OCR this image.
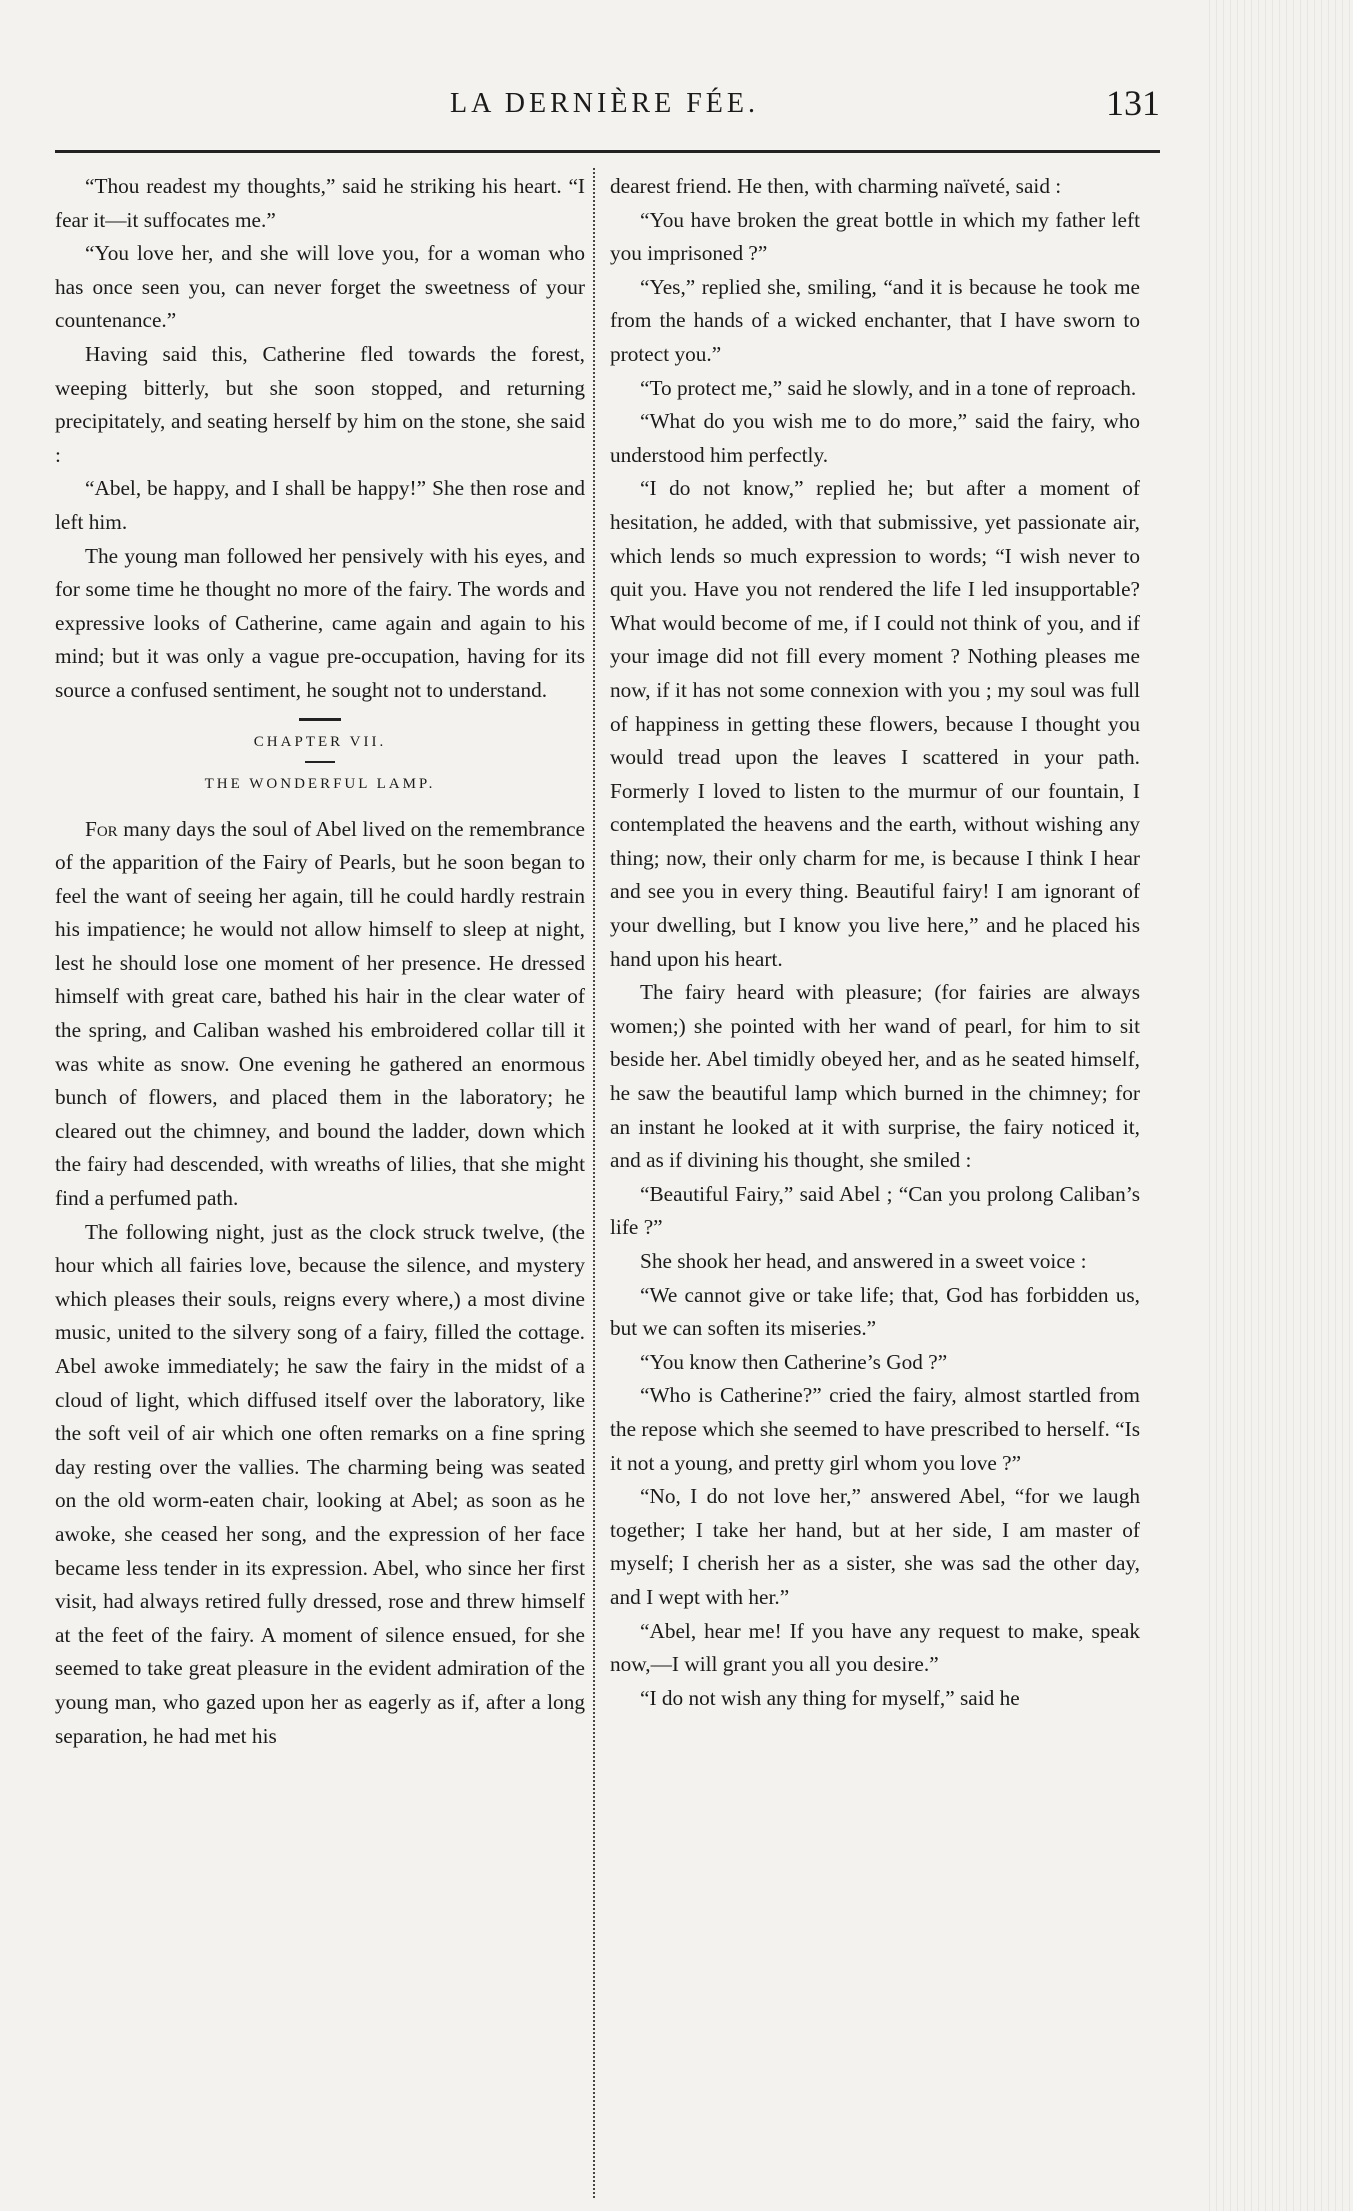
LA DERNIÈRE FÉE.	131

“Thou readest my thoughts,” said he striking his heart. “I fear it—it suffocates me.”

“You love her, and she will love you, for a woman who has once seen you, can never forget the sweetness of your countenance.”

Having said this, Catherine fled towards the forest, weeping bitterly, but she soon stopped, and returning precipitately, and seating herself by him on the stone, she said :

“Abel, be happy, and I shall be happy!” She then rose and left him.

The young man followed her pensively with his eyes, and for some time he thought no more of the fairy. The words and expressive looks of Catherine, came again and again to his mind; but it was only a vague pre-occupation, having for its source a confused sentiment, he sought not to understand.

CHAPTER VII.
THE WONDERFUL LAMP.

For many days the soul of Abel lived on the remembrance of the apparition of the Fairy of Pearls, but he soon began to feel the want of seeing her again, till he could hardly restrain his impatience; he would not allow himself to sleep at night, lest he should lose one moment of her presence. He dressed himself with great care, bathed his hair in the clear water of the spring, and Caliban washed his embroidered collar till it was white as snow. One evening he gathered an enormous bunch of flowers, and placed them in the laboratory; he cleared out the chimney, and bound the ladder, down which the fairy had descended, with wreaths of lilies, that she might find a perfumed path.

The following night, just as the clock struck twelve, (the hour which all fairies love, because the silence, and mystery which pleases their souls, reigns every where,) a most divine music, united to the silvery song of a fairy, filled the cottage. Abel awoke immediately; he saw the fairy in the midst of a cloud of light, which diffused itself over the laboratory, like the soft veil of air which one often remarks on a fine spring day resting over the vallies. The charming being was seated on the old worm-eaten chair, looking at Abel; as soon as he awoke, she ceased her song, and the expression of her face became less tender in its expression. Abel, who since her first visit, had always retired fully dressed, rose and threw himself at the feet of the fairy. A moment of silence ensued, for she seemed to take great pleasure in the evident admiration of the young man, who gazed upon her as eagerly as if, after a long separation, he had met his

dearest friend. He then, with charming naïveté, said :

“You have broken the great bottle in which my father left you imprisoned ?”

“Yes,” replied she, smiling, “and it is because he took me from the hands of a wicked enchanter, that I have sworn to protect you.”

“To protect me,” said he slowly, and in a tone of reproach.

“What do you wish me to do more,” said the fairy, who understood him perfectly.

“I do not know,” replied he; but after a moment of hesitation, he added, with that submissive, yet passionate air, which lends so much expression to words; “I wish never to quit you. Have you not rendered the life I led insupportable? What would become of me, if I could not think of you, and if your image did not fill every moment ? Nothing pleases me now, if it has not some connexion with you ; my soul was full of happiness in getting these flowers, because I thought you would tread upon the leaves I scattered in your path. Formerly I loved to listen to the murmur of our fountain, I contemplated the heavens and the earth, without wishing any thing; now, their only charm for me, is because I think I hear and see you in every thing. Beautiful fairy! I am ignorant of your dwelling, but I know you live here,” and he placed his hand upon his heart.

The fairy heard with pleasure; (for fairies are always women;) she pointed with her wand of pearl, for him to sit beside her. Abel timidly obeyed her, and as he seated himself, he saw the beautiful lamp which burned in the chimney; for an instant he looked at it with surprise, the fairy noticed it, and as if divining his thought, she smiled :

“Beautiful Fairy,” said Abel ; “Can you prolong Caliban’s life ?”

She shook her head, and answered in a sweet voice :

“We cannot give or take life; that, God has forbidden us, but we can soften its miseries.”

“You know then Catherine’s God ?”

“Who is Catherine?” cried the fairy, almost startled from the repose which she seemed to have prescribed to herself. “Is it not a young, and pretty girl whom you love ?”

“No, I do not love her,” answered Abel, “for we laugh together; I take her hand, but at her side, I am master of myself; I cherish her as a sister, she was sad the other day, and I wept with her.”

“Abel, hear me! If you have any request to make, speak now,—I will grant you all you desire.”

“I do not wish any thing for myself,” said he
